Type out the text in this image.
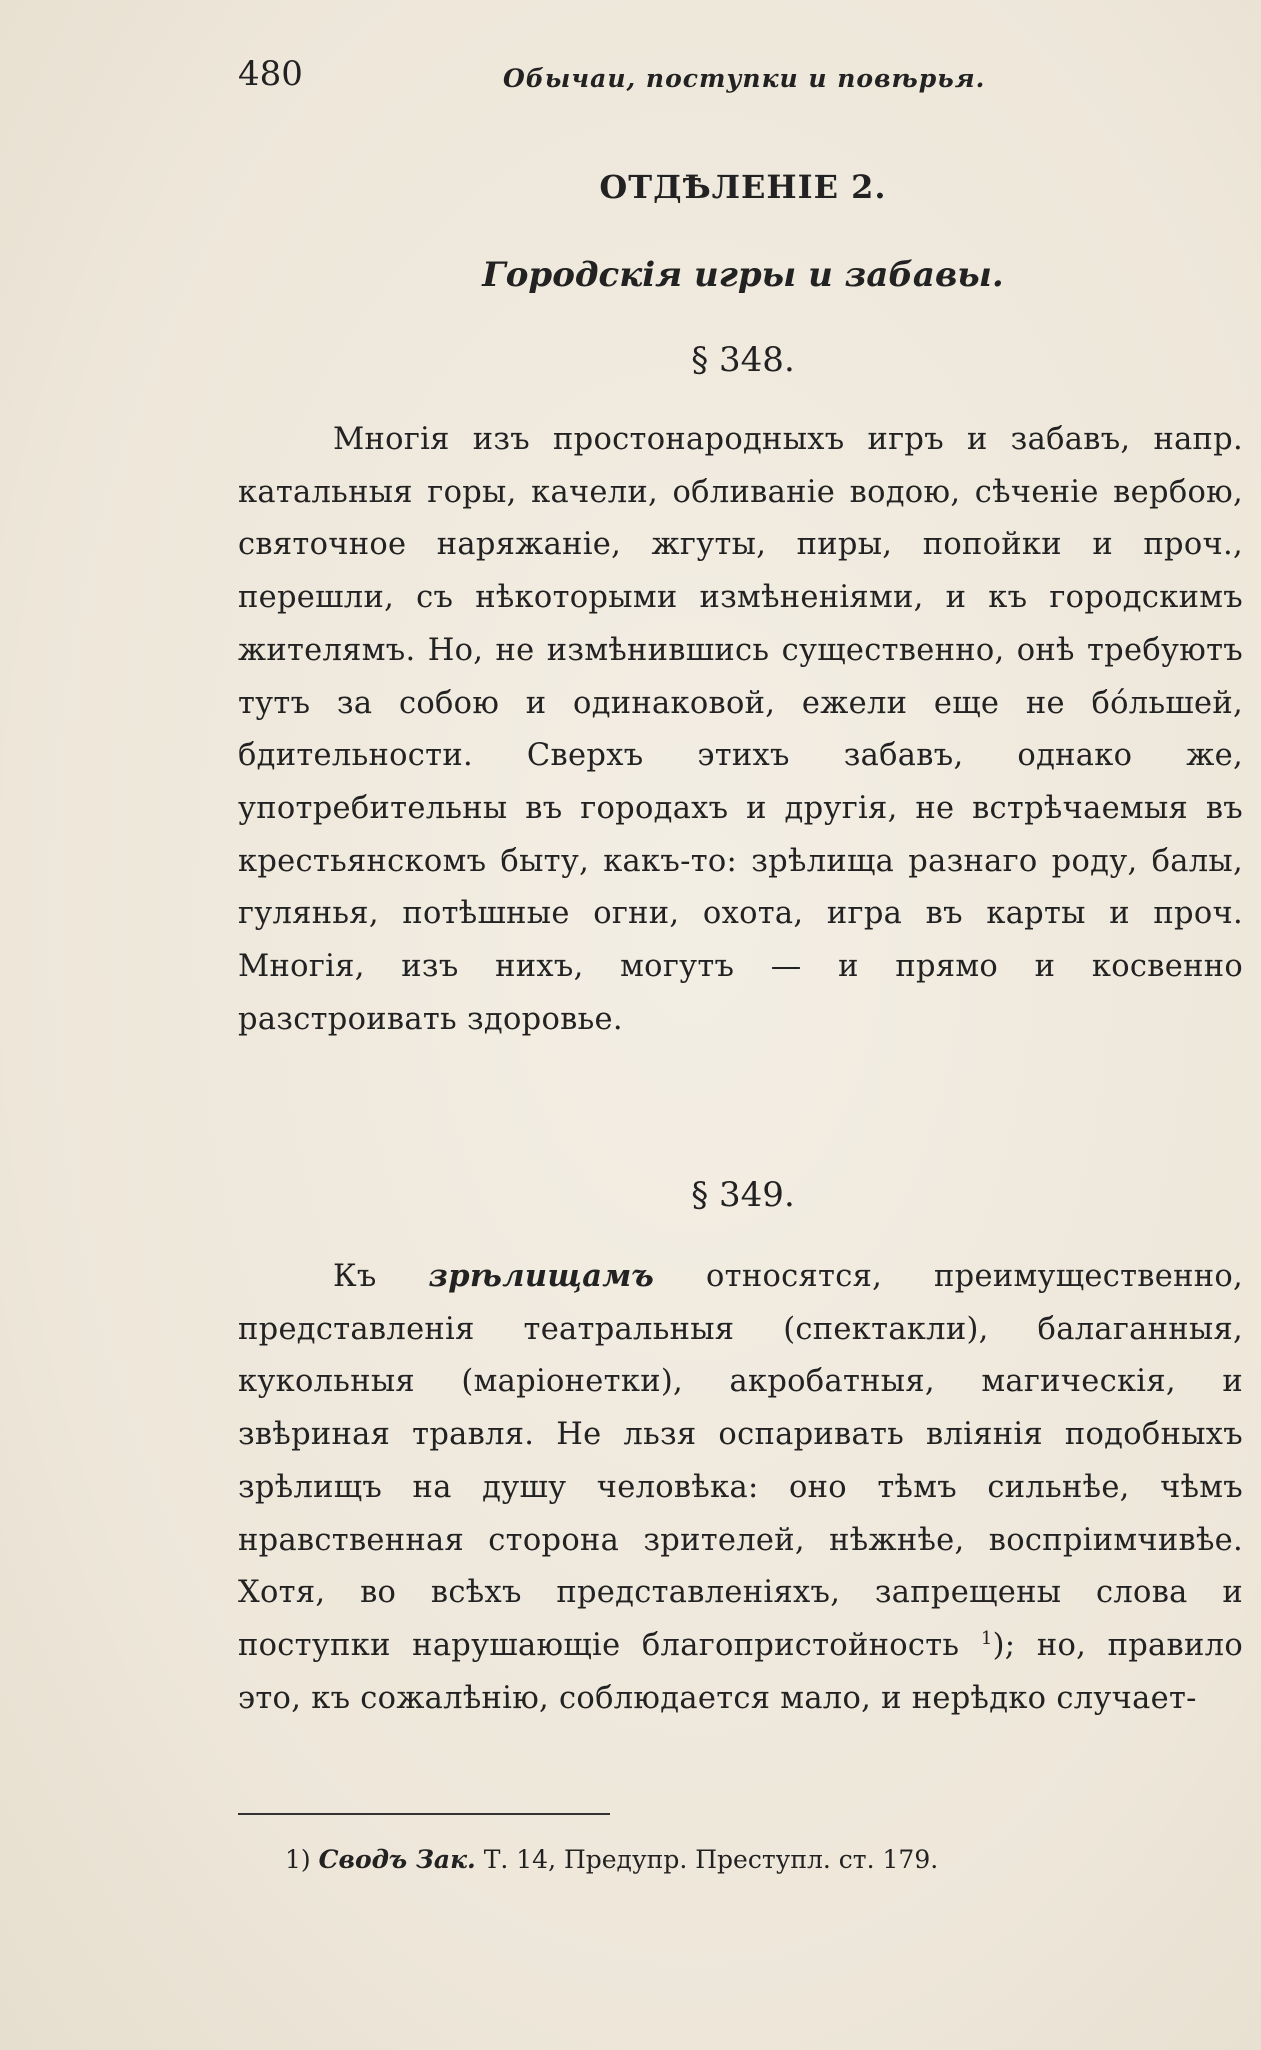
480	Обычаи, поступки и повѣрья.
ОТДѢЛЕНІЕ 2.
Городскія игры и забавы.
§ 348.
Многія изъ простонародныхъ игръ и забавъ, напр. катальныя горы, качели, обливаніе водою, сѣченіе вербою, святочное наряжаніе, жгуты, пиры, попойки и проч., перешли, съ нѣкоторыми измѣненіями, и къ городскимъ жителямъ. Но, не измѣнившись существенно, онѣ требуютъ тутъ за собою и одинаковой, ежели еще не бóльшей, бдительности. Сверхъ этихъ забавъ, однако же, употребительны въ городахъ и другія, не встрѣчаемыя въ крестьянскомъ быту, какъ-то: зрѣлища разнаго роду, балы, гулянья, потѣшные огни, охота, игра въ карты и проч. Многія, изъ нихъ, могутъ — и прямо и косвенно разстроивать здоровье.
§ 349.
Къ зрѣлищамъ относятся, преимущественно, представленія театральныя (спектакли), балаганныя, кукольныя (маріонетки), акробатныя, магическія, и звѣриная травля. Не льзя оспаривать вліянія подобныхъ зрѣлищъ на душу человѣка: оно тѣмъ сильнѣе, чѣмъ нравственная сторона зрителей, нѣжнѣе, воспріимчивѣе. Хотя, во всѣхъ представленіяхъ, запрещены слова и поступки нарушающіе благопристойность $^1$); но, правило это, къ сожалѣнію, соблюдается мало, и нерѣдко случает-
1) Сводъ Зак. Т. 14, Предупр. Преступл. ст. 179.
